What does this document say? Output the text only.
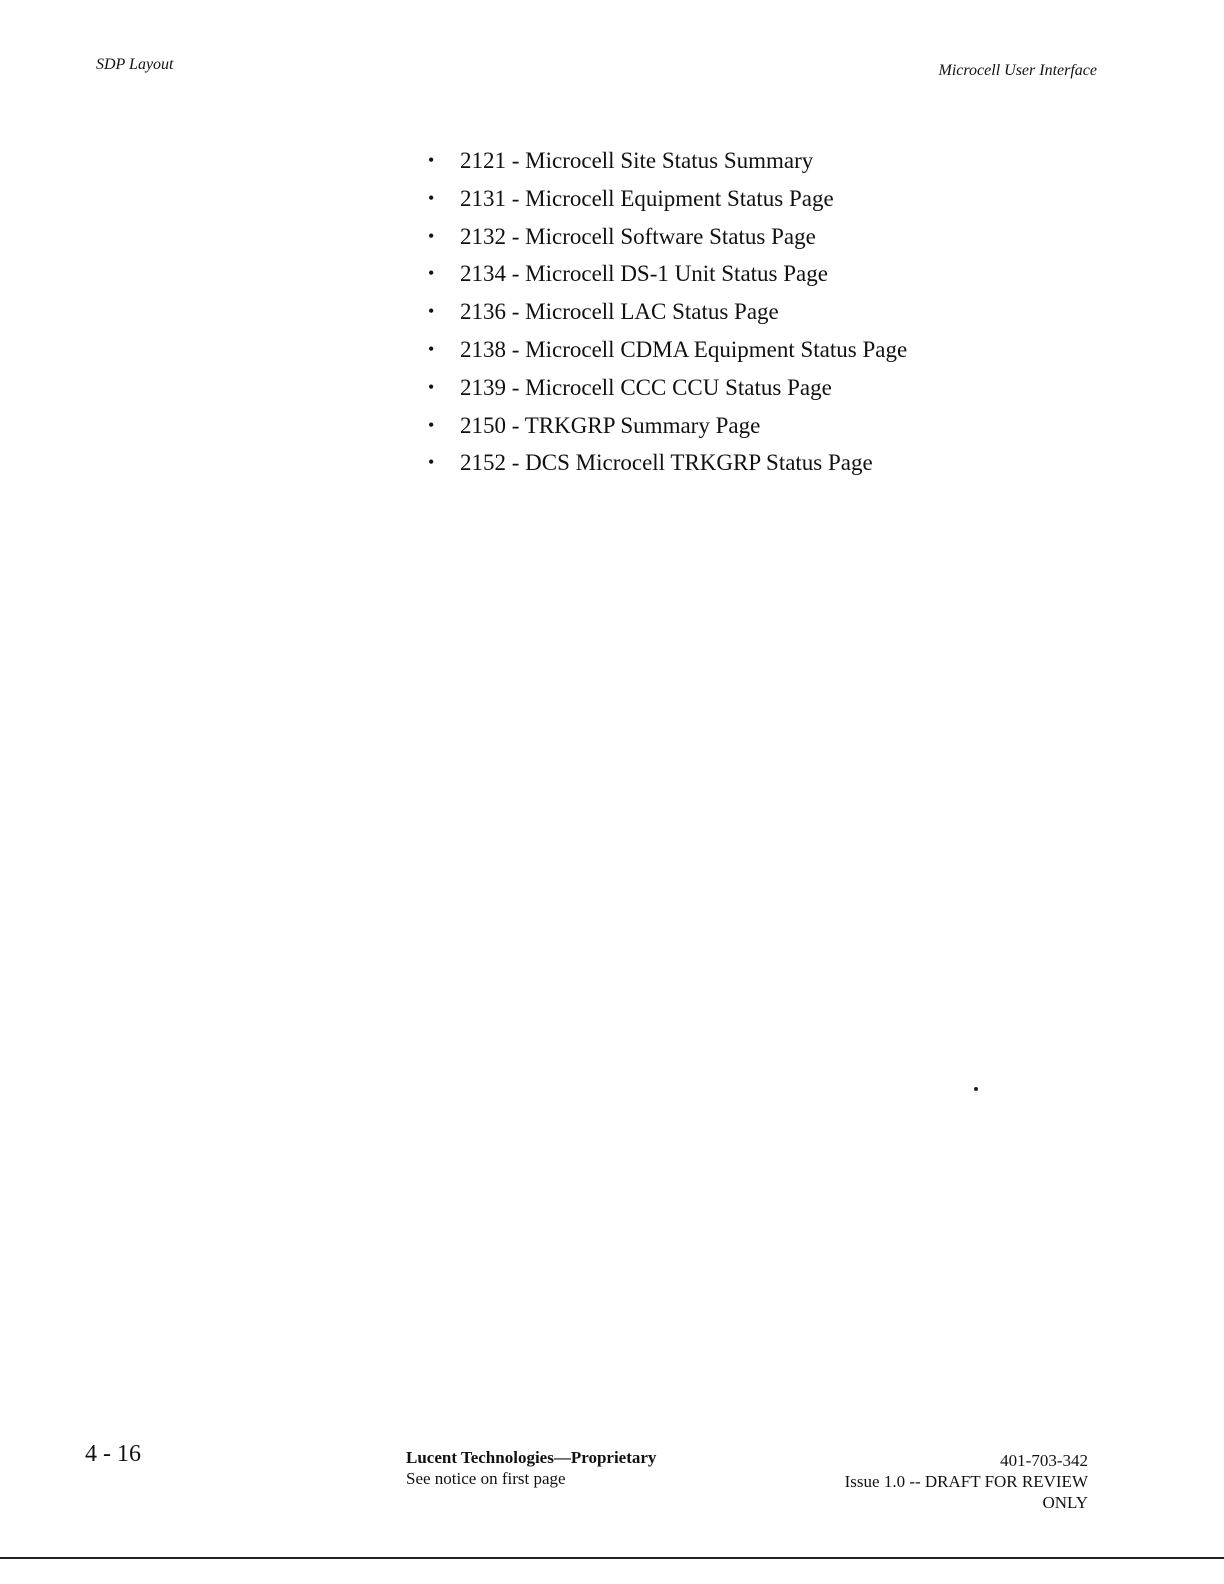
SDP Layout	Microcell User Interface
• 2121 - Microcell Site Status Summary
• 2131 - Microcell Equipment Status Page
• 2132 - Microcell Software Status Page
• 2134 - Microcell DS-1 Unit Status Page
• 2136 - Microcell LAC Status Page
• 2138 - Microcell CDMA Equipment Status Page
• 2139 - Microcell CCC CCU Status Page
• 2150 - TRKGRP Summary Page
• 2152 - DCS Microcell TRKGRP Status Page
4 - 16	Lucent Technologies—Proprietary
See notice on first page
401-703-342
Issue 1.0 -- DRAFT FOR REVIEW
ONLY
